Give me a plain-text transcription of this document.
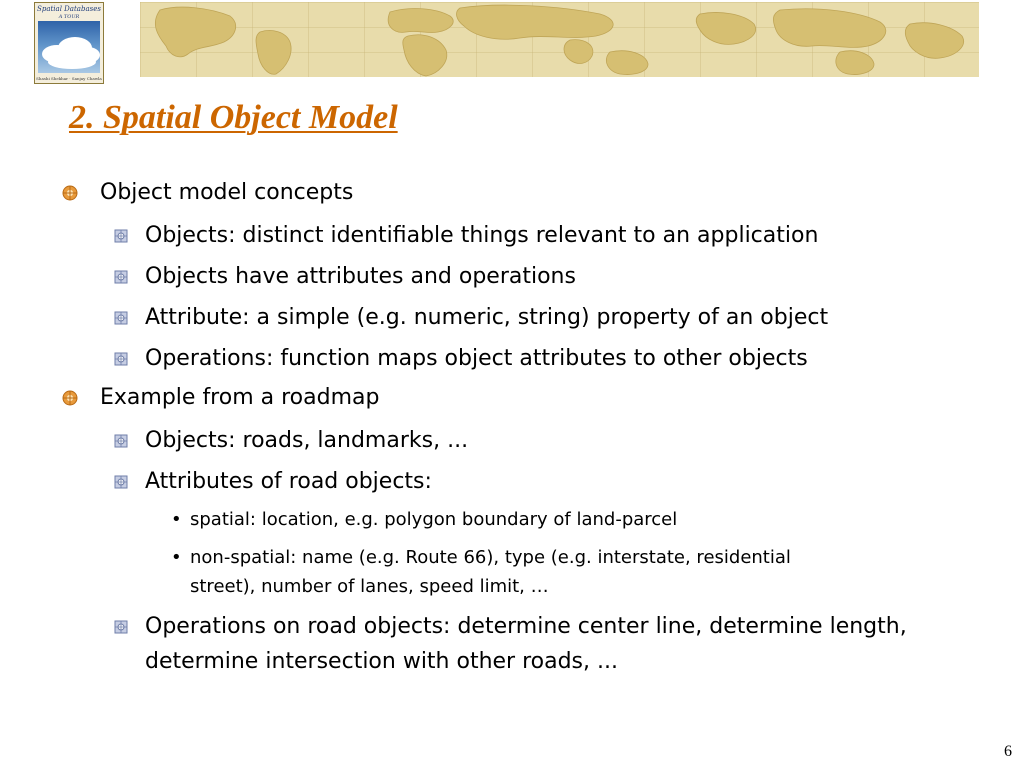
Spatial Databases
A TOUR
Shashi Shekhar · Sanjay Chawla
2. Spatial Object Model
Object model concepts
Objects: distinct identifiable things relevant to an application
Objects have attributes and operations
Attribute: a simple (e.g. numeric, string) property of an object
Operations: function maps object attributes to other objects
Example from a roadmap
Objects: roads, landmarks, ...
Attributes of road objects:
• spatial: location, e.g. polygon boundary of land-parcel
• non-spatial: name (e.g. Route 66), type (e.g. interstate, residential street), number of lanes, speed limit, …
Operations on road objects: determine center line, determine length, determine intersection with other roads, ...
6
